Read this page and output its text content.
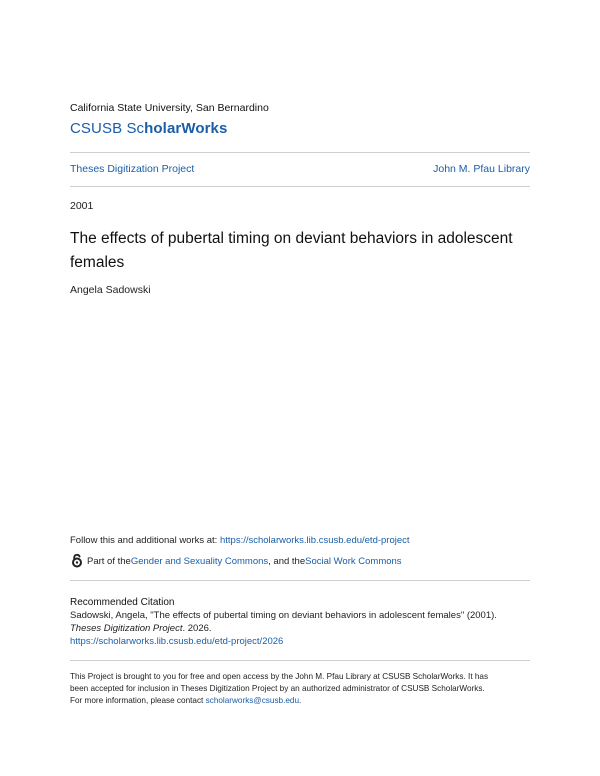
California State University, San Bernardino
CSUSB ScholarWorks
Theses Digitization Project	John M. Pfau Library
2001
The effects of pubertal timing on deviant behaviors in adolescent females
Angela Sadowski
Follow this and additional works at: https://scholarworks.lib.csusb.edu/etd-project
Part of the Gender and Sexuality Commons , and the Social Work Commons
Recommended Citation
Sadowski, Angela, "The effects of pubertal timing on deviant behaviors in adolescent females" (2001).
Theses Digitization Project. 2026.
https://scholarworks.lib.csusb.edu/etd-project/2026
This Project is brought to you for free and open access by the John M. Pfau Library at CSUSB ScholarWorks. It has
been accepted for inclusion in Theses Digitization Project by an authorized administrator of CSUSB ScholarWorks.
For more information, please contact scholarworks@csusb.edu.
